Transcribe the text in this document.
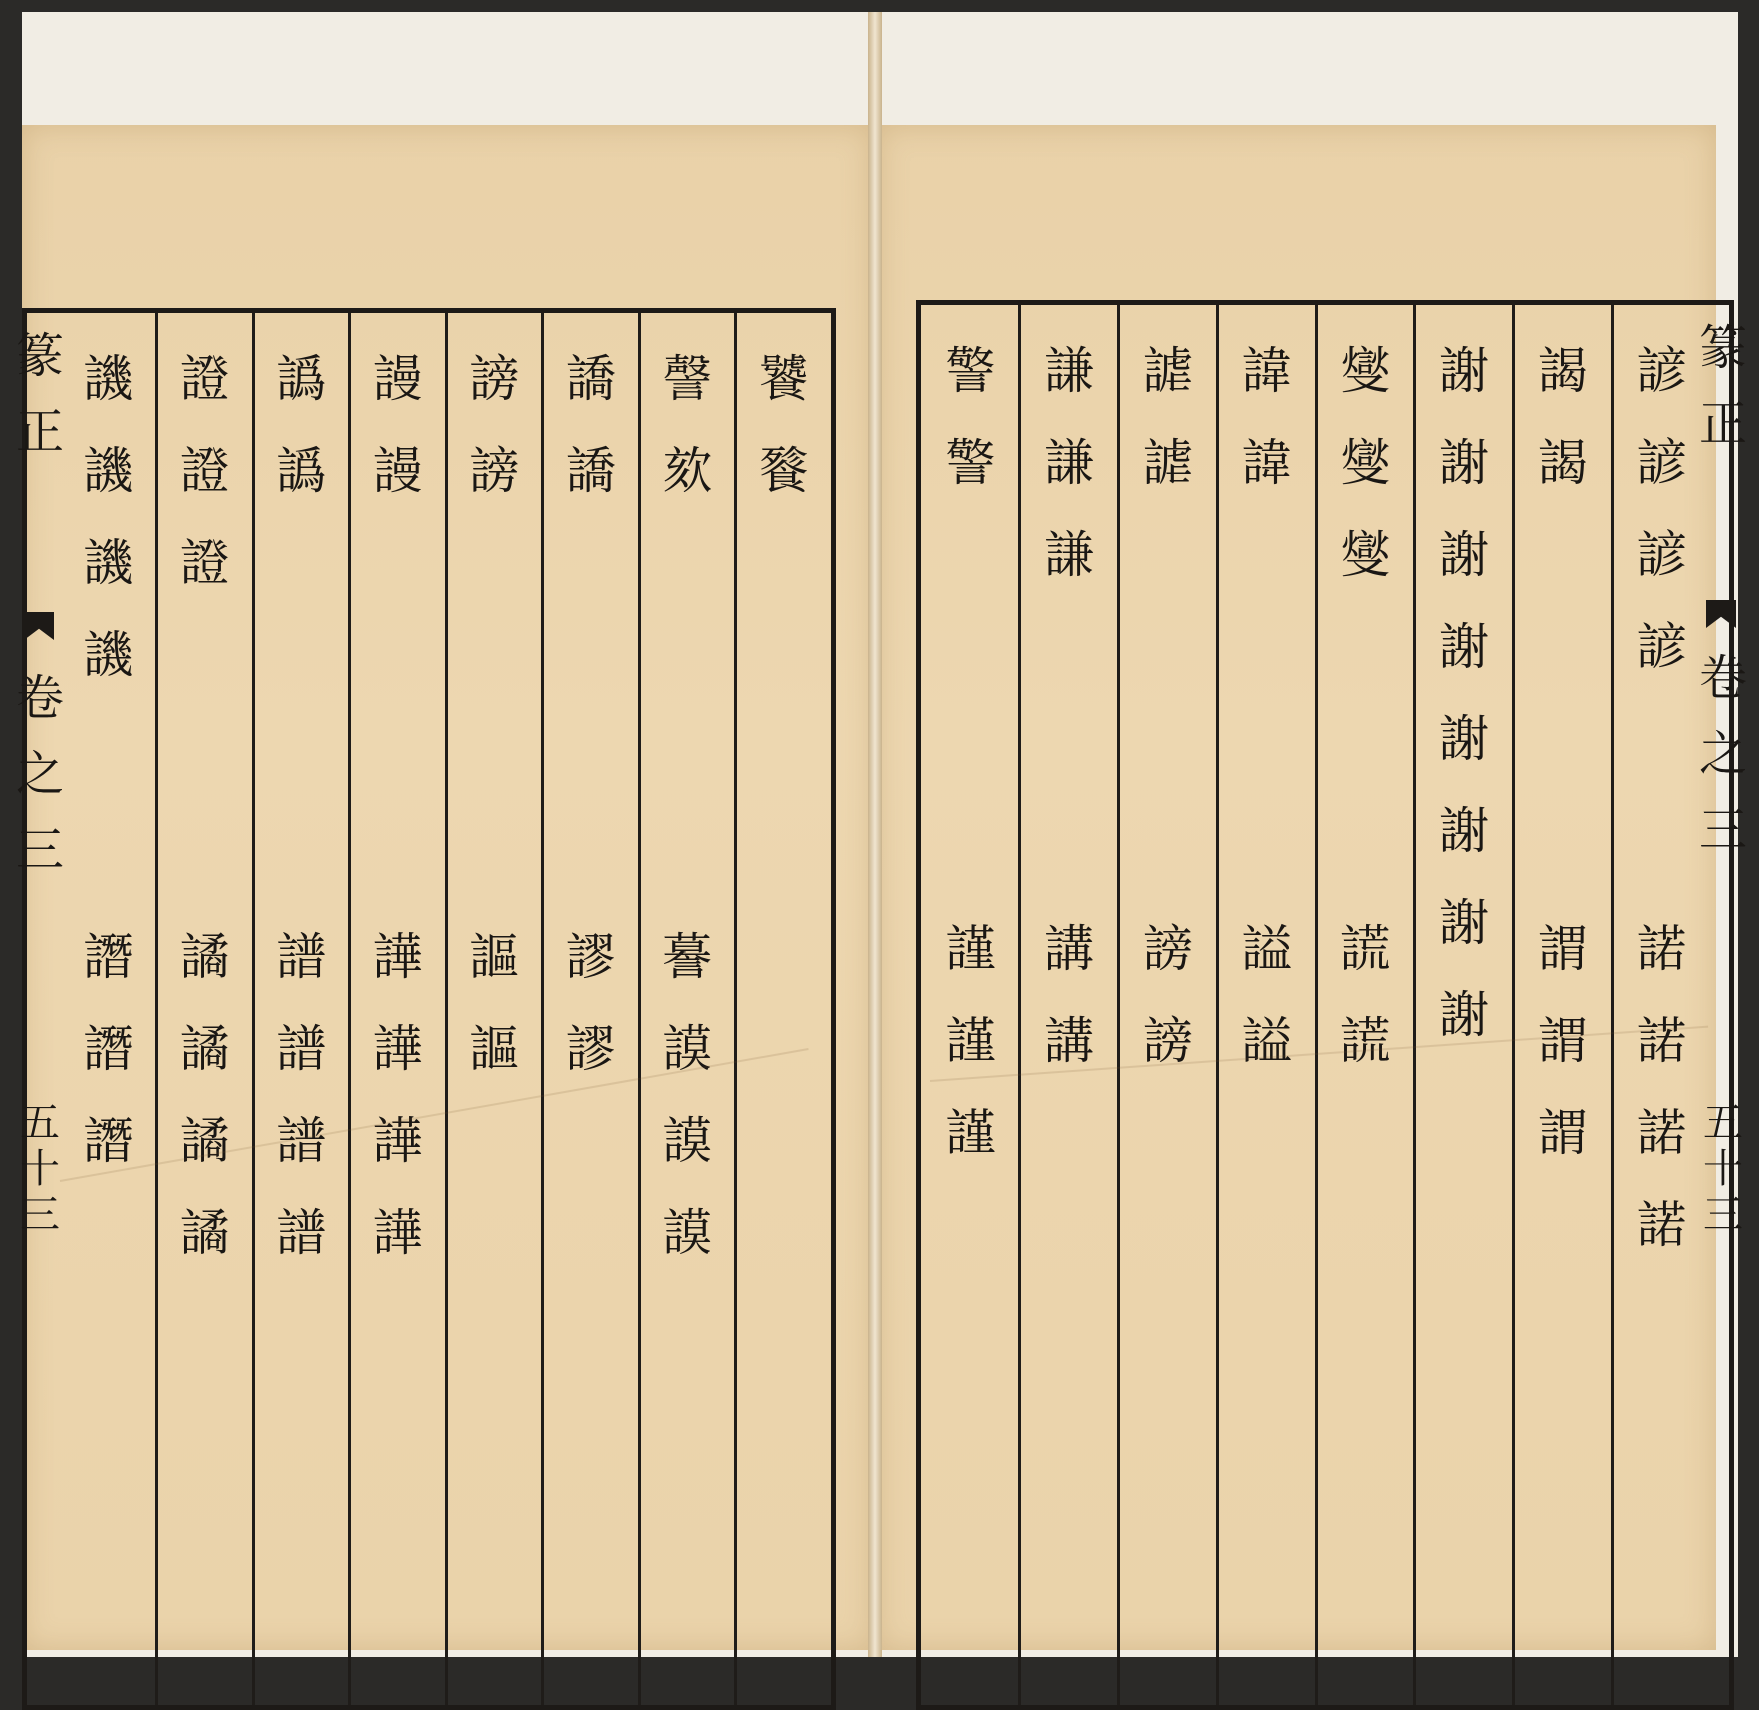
篆
正
卷
之
三
五
十
三
篆
正
卷
之
三
五
十
三
饕
餮
謦
欬
謩
謨
謨
謨
譑
譑
謬
謬
謗
謗
謳
謳
謾
謾
譁
譁
譁
譁
譌
譌
譜
譜
譜
譜
證
證
證
譎
譎
譎
譎
譏
譏
譏
譏
譖
譖
譖
諺
諺
諺
諺
諾
諾
諾
諾
謁
謁
謂
謂
謂
謝
謝
謝
謝
謝
謝
謝
謝
燮
燮
燮
謊
謊
諱
諱
謚
謚
謔
謔
謗
謗
謙
謙
謙
講
講
警
警
謹
謹
謹
